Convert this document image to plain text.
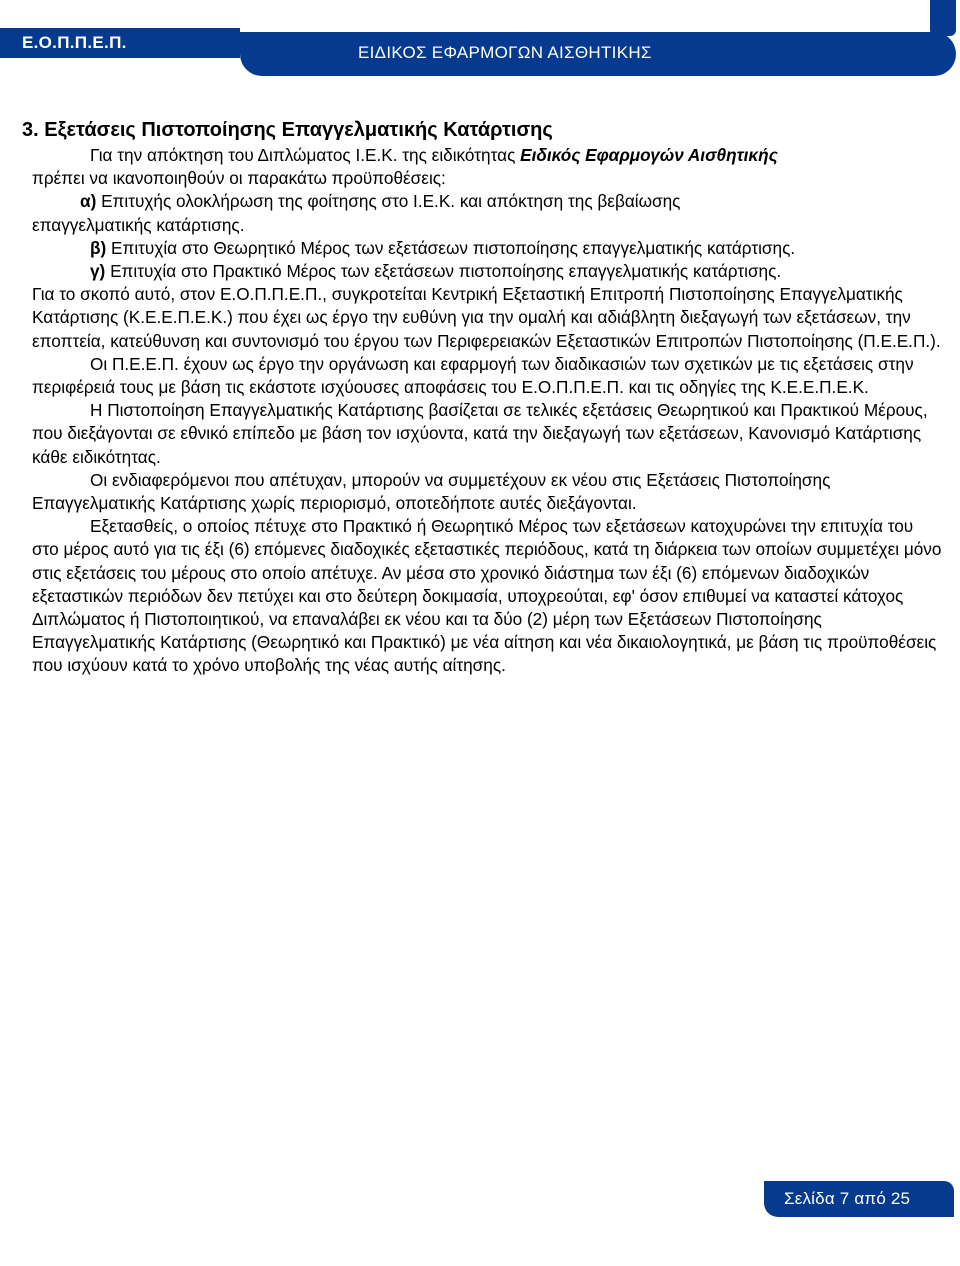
Ε.Ο.Π.Π.Ε.Π.
ΕΙΔΙΚΟΣ ΕΦΑΡΜΟΓΩΝ ΑΙΣΘΗΤΙΚΗΣ

3. Εξετάσεις Πιστοποίησης Επαγγελματικής Κατάρτισης

Για την απόκτηση του Διπλώματος Ι.Ε.Κ. της ειδικότητας Ειδικός Εφαρμογών Αισθητικής

πρέπει να ικανοποιηθούν οι παρακάτω προϋποθέσεις:

α) Επιτυχής ολοκλήρωση της φοίτησης στο Ι.Ε.Κ. και απόκτηση της βεβαίωσης

επαγγελματικής κατάρτισης.

β) Επιτυχία στο Θεωρητικό Μέρος των εξετάσεων πιστοποίησης επαγγελματικής κατάρτισης.

γ) Επιτυχία στο Πρακτικό Μέρος των εξετάσεων πιστοποίησης επαγγελματικής κατάρτισης.

Για το σκοπό αυτό, στον Ε.Ο.Π.Π.Ε.Π., συγκροτείται Κεντρική Εξεταστική Επιτροπή Πιστοποίησης Επαγγελματικής Κατάρτισης (Κ.Ε.Ε.Π.Ε.Κ.) που έχει ως έργο την ευθύνη για την ομαλή και αδιάβλητη διεξαγωγή των εξετάσεων, την εποπτεία, κατεύθυνση και συντονισμό του έργου των Περιφερειακών Εξεταστικών Επιτροπών Πιστοποίησης (Π.Ε.Ε.Π.).

Οι Π.Ε.Ε.Π. έχουν ως έργο την οργάνωση και εφαρμογή των διαδικασιών των σχετικών με τις εξετάσεις στην περιφέρειά τους με βάση τις εκάστοτε ισχύουσες αποφάσεις του Ε.Ο.Π.Π.Ε.Π. και τις οδηγίες της Κ.Ε.Ε.Π.Ε.Κ.

Η Πιστοποίηση Επαγγελματικής Κατάρτισης βασίζεται σε τελικές εξετάσεις Θεωρητικού και Πρακτικού Μέρους, που διεξάγονται σε εθνικό επίπεδο με βάση τον ισχύοντα, κατά την διεξαγωγή των εξετάσεων, Κανονισμό Κατάρτισης κάθε ειδικότητας.

Οι ενδιαφερόμενοι που απέτυχαν, μπορούν να συμμετέχουν εκ νέου στις Εξετάσεις Πιστοποίησης Επαγγελματικής Κατάρτισης χωρίς περιορισμό, οποτεδήποτε αυτές διεξάγονται.

Εξετασθείς, ο οποίος πέτυχε στο Πρακτικό ή Θεωρητικό Μέρος των εξετάσεων κατοχυρώνει την επιτυχία του στο μέρος αυτό για τις έξι (6) επόμενες διαδοχικές εξεταστικές περιόδους, κατά τη διάρκεια των οποίων συμμετέχει μόνο στις εξετάσεις του μέρους στο οποίο απέτυχε. Αν μέσα στο χρονικό διάστημα των έξι (6) επόμενων διαδοχικών εξεταστικών περιόδων δεν πετύχει και στο δεύτερη δοκιμασία, υποχρεούται, εφ' όσον επιθυμεί να καταστεί κάτοχος Διπλώματος ή Πιστοποιητικού, να επαναλάβει εκ νέου και τα δύο (2) μέρη των Εξετάσεων Πιστοποίησης Επαγγελματικής Κατάρτισης (Θεωρητικό και Πρακτικό) με νέα αίτηση και νέα δικαιολογητικά, με βάση τις προϋποθέσεις που ισχύουν κατά το χρόνο υποβολής της νέας αυτής αίτησης.

Σελίδα 7 από 25
